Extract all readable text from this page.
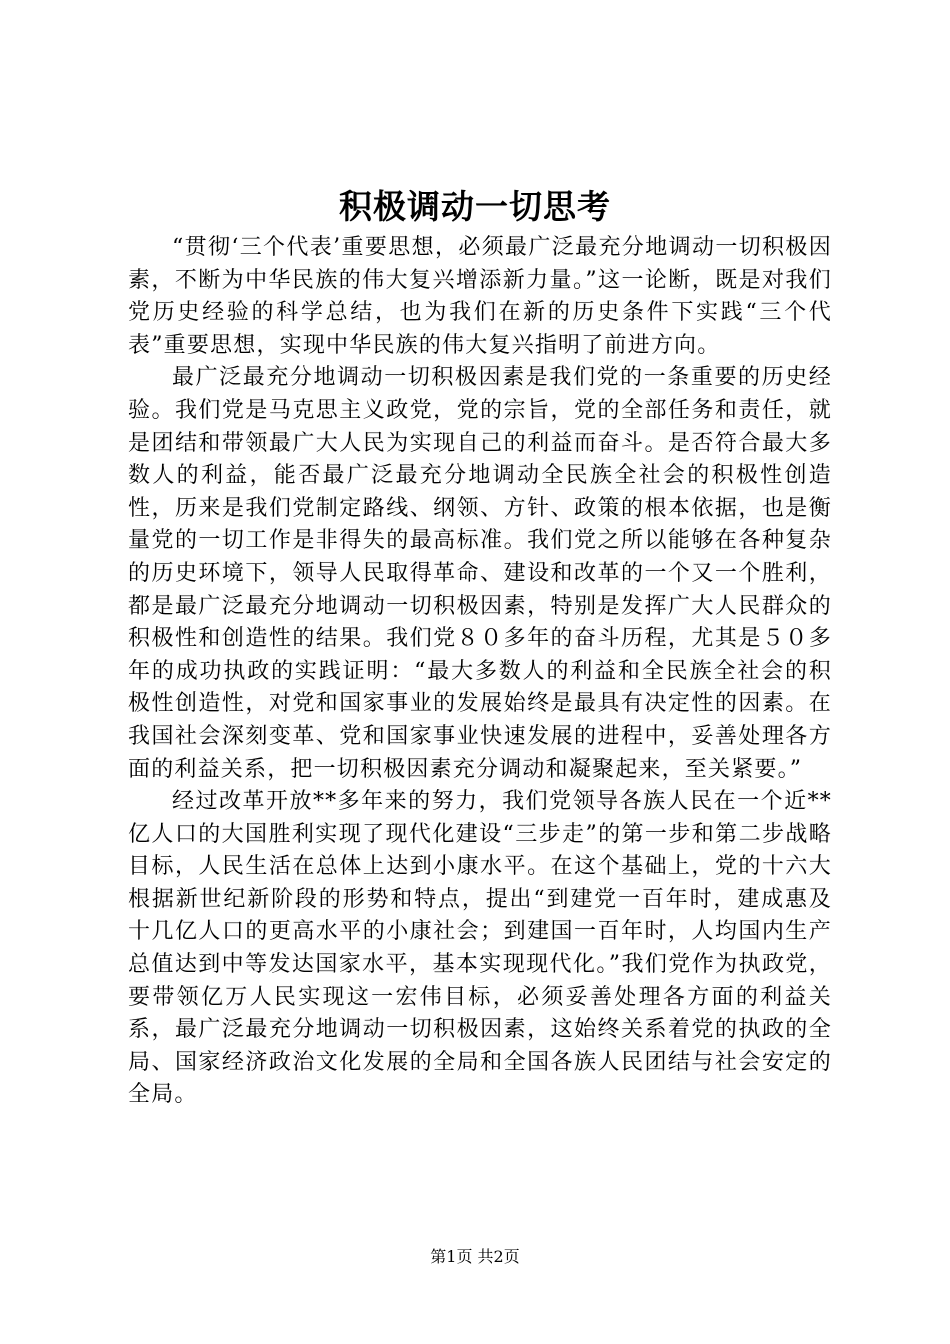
积极调动一切思考

“贯彻‘三个代表’重要思想，必须最广泛最充分地调动一切积极因素，不断为中华民族的伟大复兴增添新力量。”这一论断，既是对我们党历史经验的科学总结，也为我们在新的历史条件下实践“三个代表”重要思想，实现中华民族的伟大复兴指明了前进方向。

最广泛最充分地调动一切积极因素是我们党的一条重要的历史经验。我们党是马克思主义政党，党的宗旨，党的全部任务和责任，就是团结和带领最广大人民为实现自己的利益而奋斗。是否符合最大多数人的利益，能否最广泛最充分地调动全民族全社会的积极性创造性，历来是我们党制定路线、纲领、方针、政策的根本依据，也是衡量党的一切工作是非得失的最高标准。我们党之所以能够在各种复杂的历史环境下，领导人民取得革命、建设和改革的一个又一个胜利，都是最广泛最充分地调动一切积极因素，特别是发挥广大人民群众的积极性和创造性的结果。我们党８０多年的奋斗历程，尤其是５０多年的成功执政的实践证明：“最大多数人的利益和全民族全社会的积极性创造性，对党和国家事业的发展始终是最具有决定性的因素。在我国社会深刻变革、党和国家事业快速发展的进程中，妥善处理各方面的利益关系，把一切积极因素充分调动和凝聚起来，至关紧要。”

经过改革开放**多年来的努力，我们党领导各族人民在一个近**亿人口的大国胜利实现了现代化建设“三步走”的第一步和第二步战略目标，人民生活在总体上达到小康水平。在这个基础上，党的十六大根据新世纪新阶段的形势和特点，提出“到建党一百年时，建成惠及十几亿人口的更高水平的小康社会；到建国一百年时，人均国内生产总值达到中等发达国家水平，基本实现现代化。”我们党作为执政党，要带领亿万人民实现这一宏伟目标，必须妥善处理各方面的利益关系，最广泛最充分地调动一切积极因素，这始终关系着党的执政的全局、国家经济政治文化发展的全局和全国各族人民团结与社会安定的全局。

第1页 共2页
